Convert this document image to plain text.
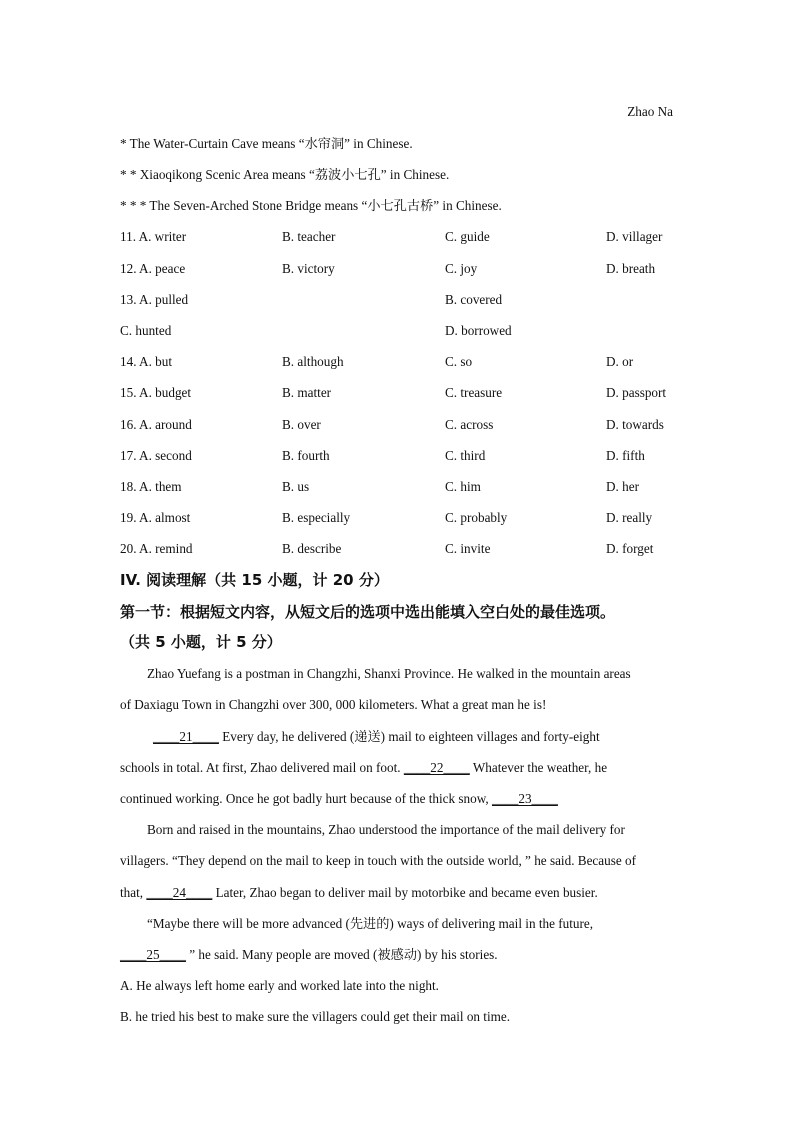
Zhao Na
* The Water-Curtain Cave means “水帘洞” in Chinese.
* * Xiaoqikong Scenic Area means “荔波小七孔” in Chinese.
* * * The Seven-Arched Stone Bridge means “小七孔古桥” in Chinese.
11. A. writer	B. teacher	C. guide	D. villager
12. A. peace	B. victory	C. joy	D. breath
13. A. pulled	B. covered
C. hunted	D. borrowed
14. A. but	B. although	C. so	D. or
15. A. budget	B. matter	C. treasure	D. passport
16. A. around	B. over	C. across	D. towards
17. A. second	B. fourth	C. third	D. fifth
18. A. them	B. us	C. him	D. her
19. A. almost	B. especially	C. probably	D. really
20. A. remind	B. describe	C. invite	D. forget
IV. 阅读理解（共 15 小题，计 20 分）
第一节：根据短文内容，从短文后的选项中选出能填入空白处的最佳选项。
（共 5 小题，计 5 分）
Zhao Yuefang is a postman in Changzhi, Shanxi Province. He walked in the mountain areas
of Daxiagu Town in Changzhi over 300, 000 kilometers. What a great man he is!
____21____ Every day, he delivered (递送) mail to eighteen villages and forty-eight
schools in total. At first, Zhao delivered mail on foot. ____22____ Whatever the weather, he
continued working. Once he got badly hurt because of the thick snow, ____23____
Born and raised in the mountains, Zhao understood the importance of the mail delivery for
villagers. “They depend on the mail to keep in touch with the outside world, ” he said. Because of
that, ____24____ Later, Zhao began to deliver mail by motorbike and became even busier.
“Maybe there will be more advanced (先进的) ways of delivering mail in the future,
____25____ ” he said. Many people are moved (被感动) by his stories.
A. He always left home early and worked late into the night.
B. he tried his best to make sure the villagers could get their mail on time.
